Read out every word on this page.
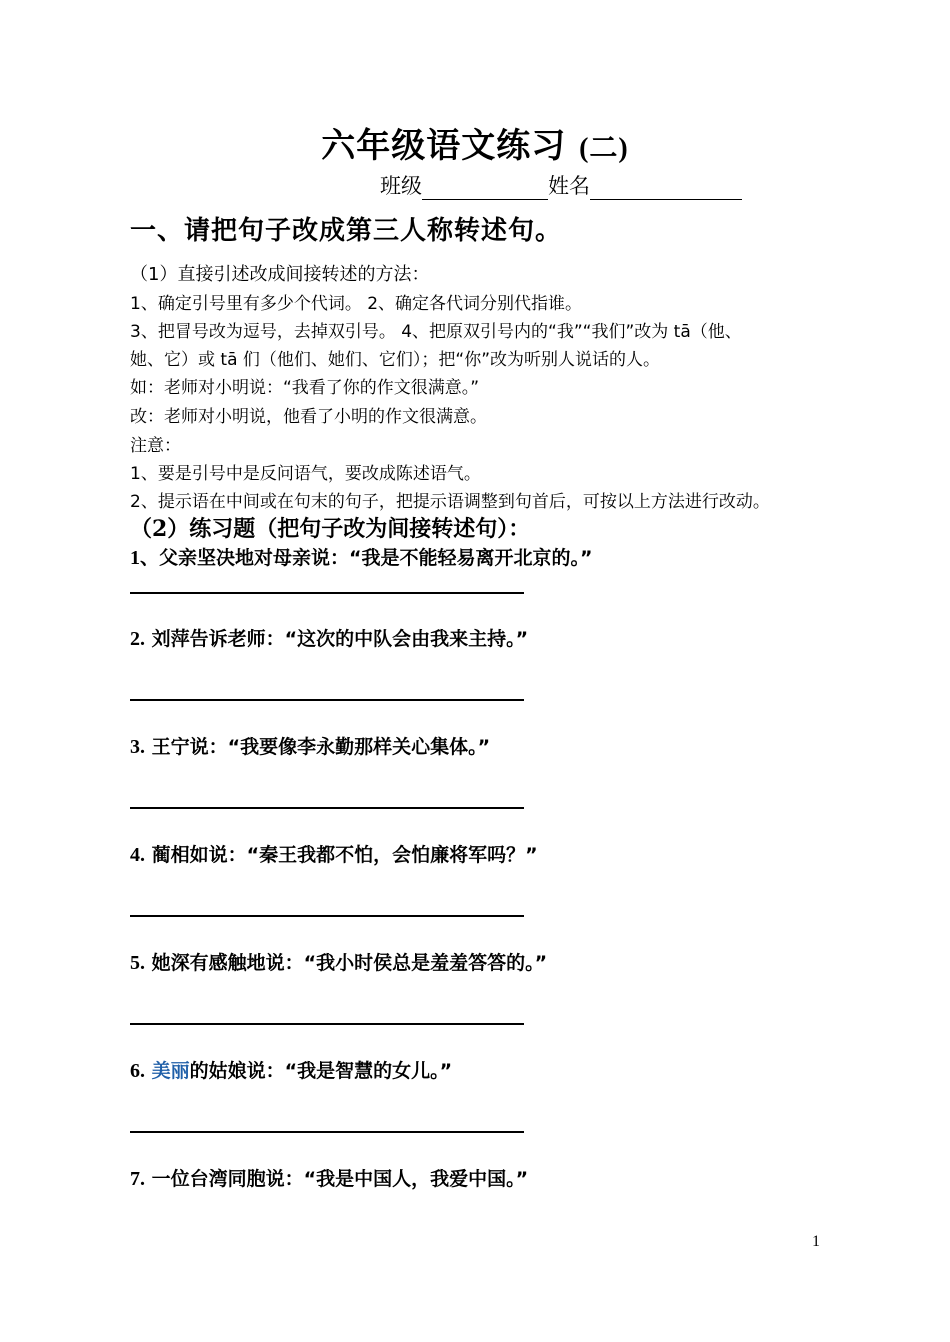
六年级语文练习 (二)
班级	姓名
一、请把句子改成第三人称转述句。
（1）直接引述改成间接转述的方法：
1、确定引号里有多少个代词。 2、确定各代词分别代指谁。
3、把冒号改为逗号，去掉双引号。 4、把原双引号内的“我”“我们”改为 tā（他、
她、它）或 tā 们（他们、她们、它们）；把“你”改为听别人说话的人。
如：老师对小明说：“我看了你的作文很满意。”
改：老师对小明说，他看了小明的作文很满意。
注意：
1、要是引号中是反问语气，要改成陈述语气。
2、提示语在中间或在句末的句子，把提示语调整到句首后，可按以上方法进行改动。
（2）练习题（把句子改为间接转述句）：
1、父亲坚决地对母亲说：“我是不能轻易离开北京的。”
2. 刘萍告诉老师：“这次的中队会由我来主持。”
3. 王宁说：“我要像李永勤那样关心集体。”
4. 蔺相如说：“秦王我都不怕，会怕廉将军吗？”
5. 她深有感触地说：“我小时侯总是羞羞答答的。”
6. 美丽的姑娘说：“我是智慧的女儿。”
7. 一位台湾同胞说：“我是中国人，我爱中国。”
1
